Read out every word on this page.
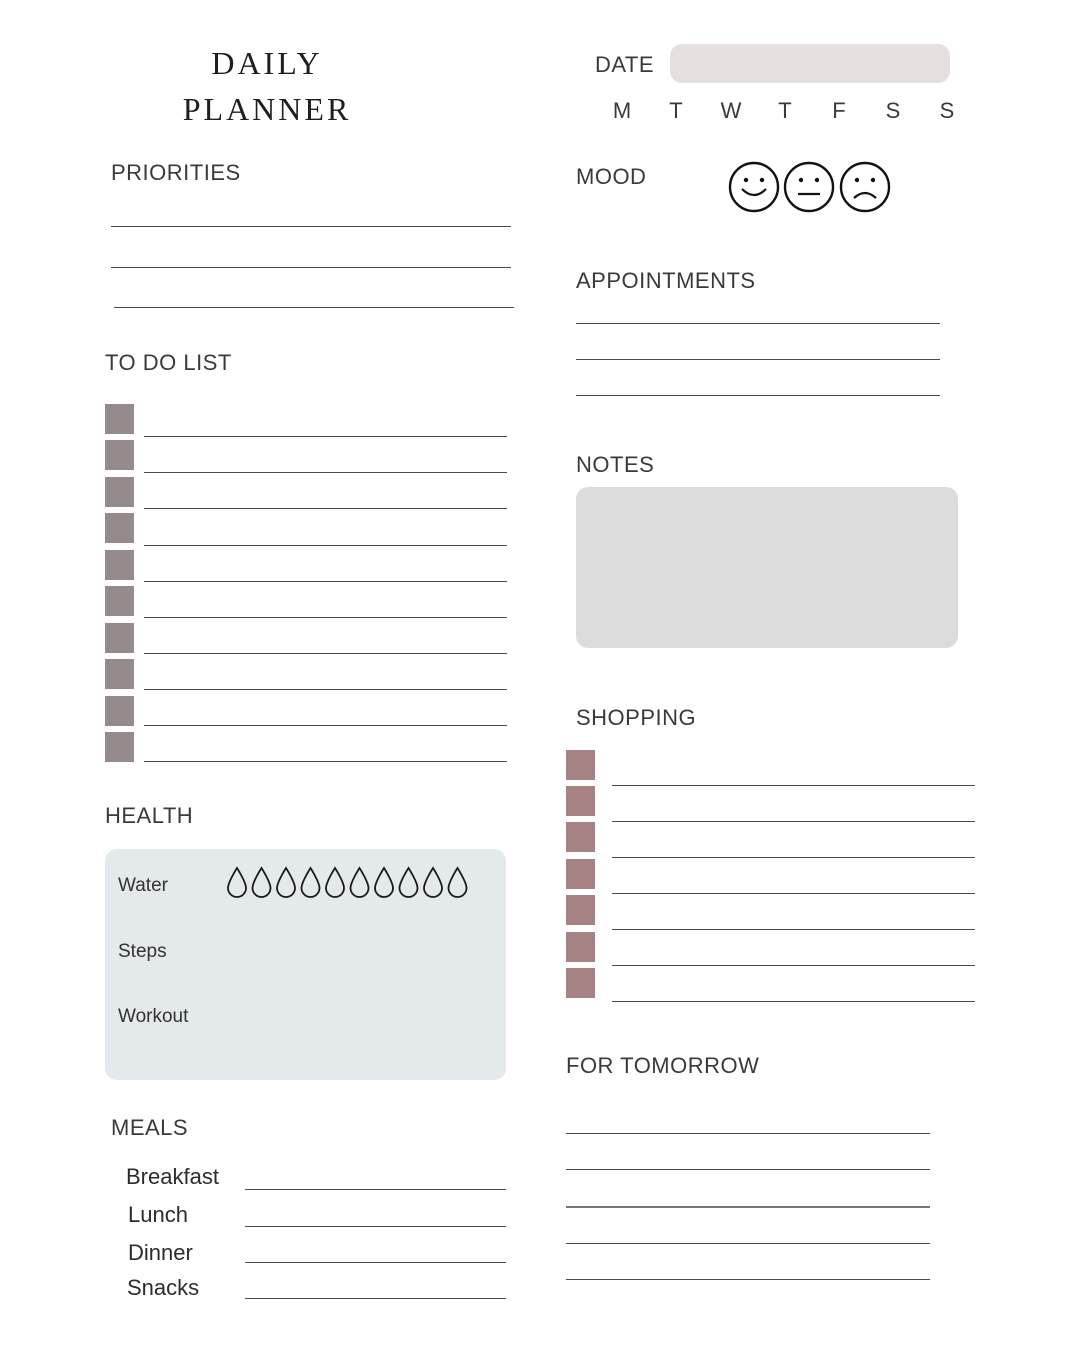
DAILY
PLANNER
DATE
M	T	W	T	F	S	S
PRIORITIES	MOOD
APPOINTMENTS
TO DO LIST
NOTES
SHOPPING
HEALTH
Water
Steps
Workout
FOR TOMORROW
MEALS
Breakfast
Lunch
Dinner
Snacks
